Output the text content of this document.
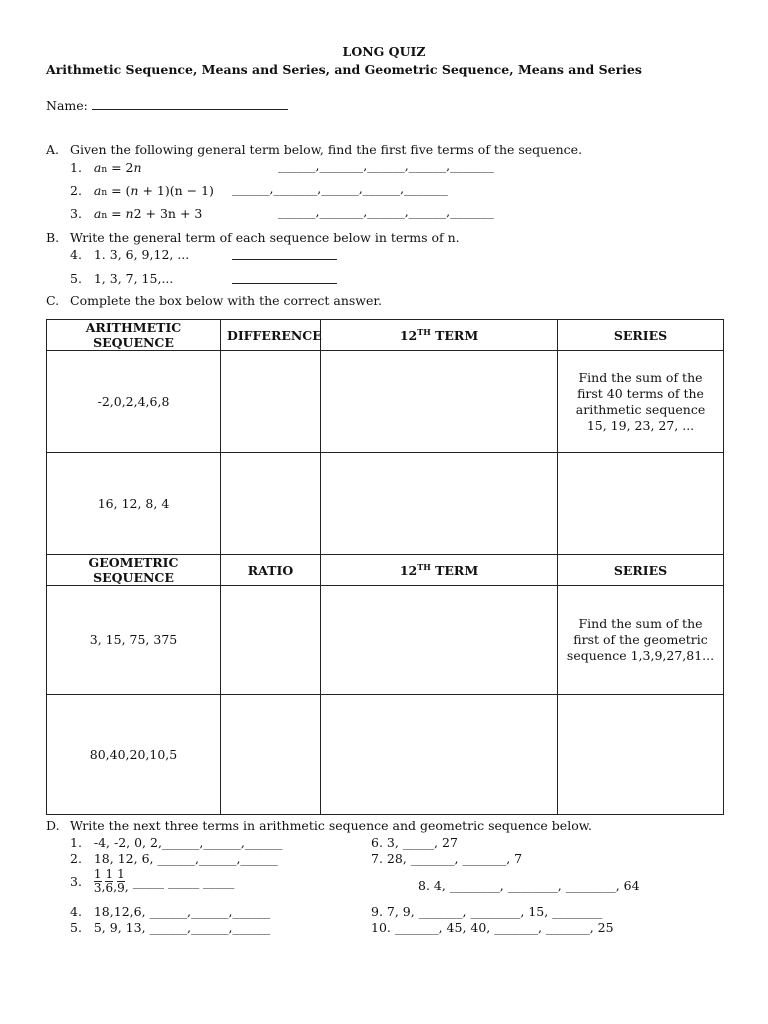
LONG QUIZ
Arithmetic Sequence, Means and Series, and Geometric Sequence, Means and Series
Name:
A. Given the following general term below, find the first five terms of the sequence.
1. an = 2n	______,_______,______,______,_______
2. an = (n + 1)(n − 1) ______,_______,______,______,_______
3. an = n2 + 3n + 3	______,_______,______,______,_______
B. Write the general term of each sequence below in terms of n.
4. 1. 3, 6, 9,12, ...
5. 1, 3, 7, 15,...
C. Complete the box below with the correct answer.
ARITHMETIC SEQUENCE	DIFFERENCE	12TH TERM	SERIES
-2,0,2,4,6,8			Find the sum of the first 40 terms of the arithmetic sequence 15, 19, 23, 27, ...
16, 12, 8, 4			
GEOMETRIC SEQUENCE	RATIO	12TH TERM	SERIES
3, 15, 75, 375			Find the sum of the first of the geometric sequence 1,3,9,27,81...
80,40,20,10,5			
D. Write the next three terms in arithmetic sequence and geometric sequence below.
1. -4, -2, 0, 2,______,______,______
2. 18, 12, 6, ______,______,______
3. $\frac{1}{3}$ , $\frac{1}{6}$ , $\frac{1}{9}$ , _____ _____ _____
4. 18,12,6, ______,______,______
5. 5, 9, 13, ______,______,______
6. 3, _____, 27
7. 28, _______, _______, 7
8. 4, ________, ________, ________, 64
9. 7, 9, _______, ________, 15, ________
10. _______, 45, 40, _______, _______, 25
